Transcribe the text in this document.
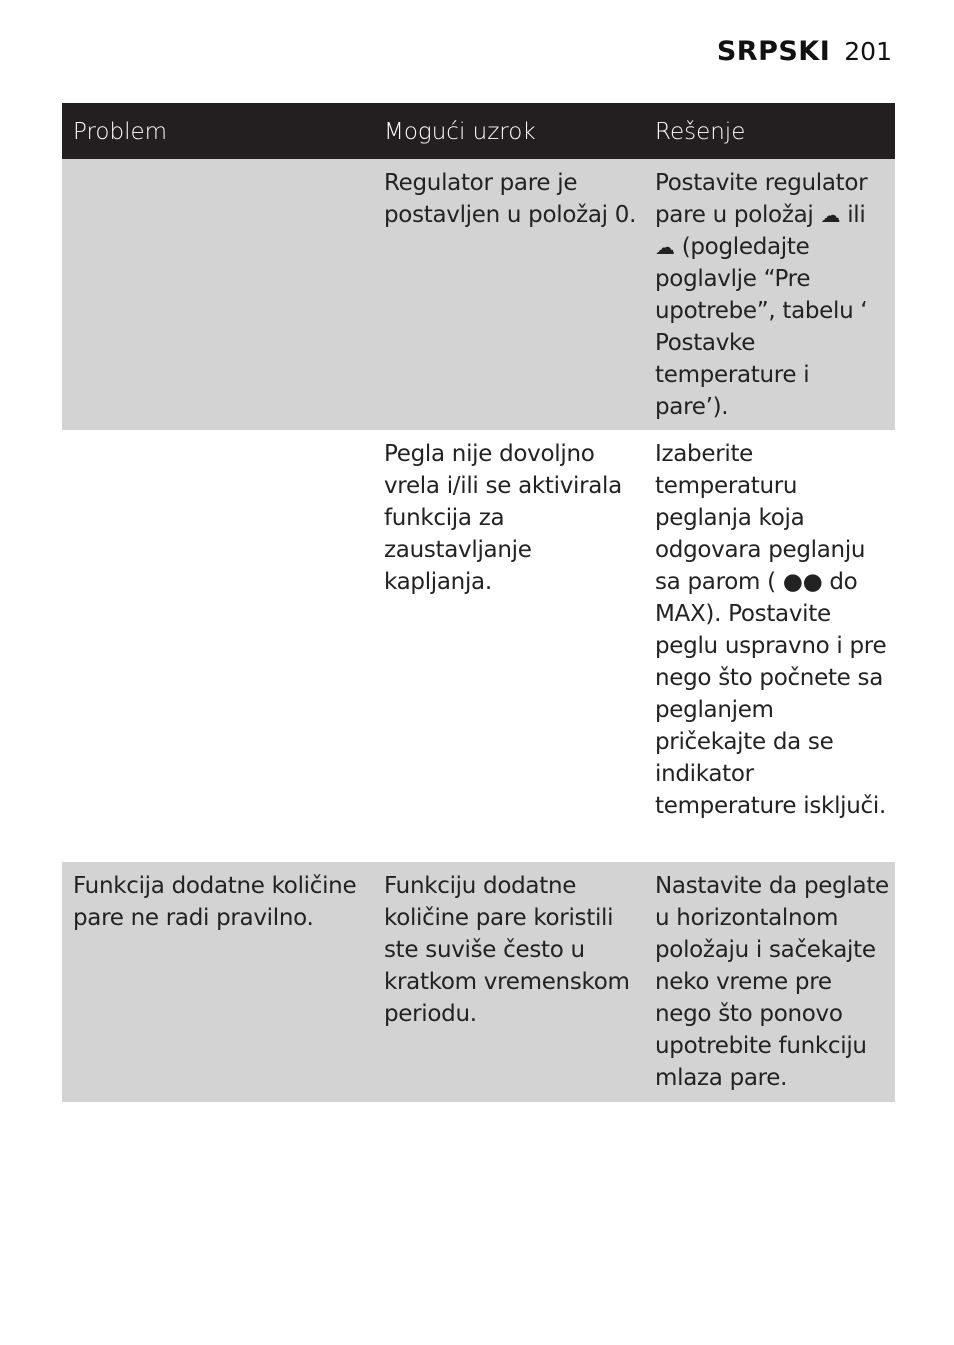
SRPSKI 201
Problem	Mogući uzrok	Rešenje
Regulator pare je postavljen u položaj 0.
Postavite regulator pare u položaj ☁ ili ☁ (pogledajte poglavlje “Pre upotrebe”, tabelu ‘ Postavke temperature i pare’).
Pegla nije dovoljno vrela i/ili se aktivirala funkcija za zaustavljanje kapljanja.
Izaberite temperaturu peglanja koja odgovara peglanju sa parom ( ●● do MAX). Postavite peglu uspravno i pre nego što počnete sa peglanjem pričekajte da se indikator temperature isključi.
Funkcija dodatne količine pare ne radi pravilno.
Funkciju dodatne količine pare koristili ste suviše često u kratkom vremenskom periodu.
Nastavite da peglate u horizontalnom položaju i sačekajte neko vreme pre nego što ponovo upotrebite funkciju mlaza pare.
